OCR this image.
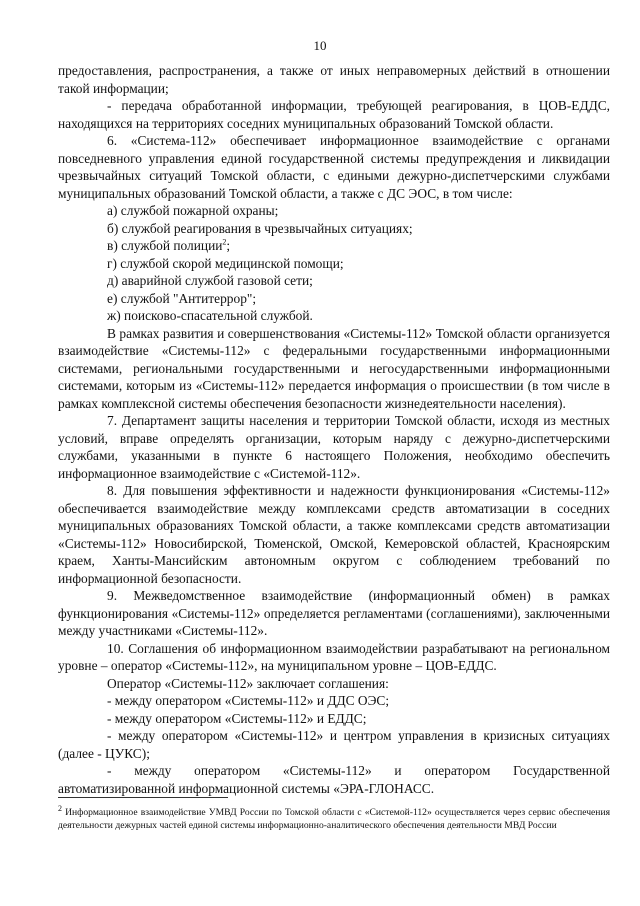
10

предоставления, распространения, а также от иных неправомерных действий в отношении такой информации;

- передача обработанной информации, требующей реагирования, в ЦОВ-ЕДДС, находящихся на территориях соседних муниципальных образований Томской области.

6. «Система-112» обеспечивает информационное взаимодействие с органами повседневного управления единой государственной системы предупреждения и ликвидации чрезвычайных ситуаций Томской области, с едиными дежурно-диспетчерскими службами муниципальных образований Томской области, а также с ДС ЭОС, в том числе:

а) службой пожарной охраны;

б) службой реагирования в чрезвычайных ситуациях;

в) службой полиции$^2$;

г) службой скорой медицинской помощи;

д) аварийной службой газовой сети;

е) службой "Антитеррор";

ж) поисково-спасательной службой.

В рамках развития и совершенствования «Системы-112» Томской области организуется взаимодействие «Системы-112» с федеральными государственными информационными системами, региональными государственными и негосударственными информационными системами, которым из «Системы-112» передается информация о происшествии (в том числе в рамках комплексной системы обеспечения безопасности жизнедеятельности населения).

7. Департамент защиты населения и территории Томской области, исходя из местных условий, вправе определять организации, которым наряду с дежурно-диспетчерскими службами, указанными в пункте 6 настоящего Положения, необходимо обеспечить информационное взаимодействие с «Системой-112».

8. Для повышения эффективности и надежности функционирования «Системы-112» обеспечивается взаимодействие между комплексами средств автоматизации в соседних муниципальных образованиях Томской области, а также комплексами средств автоматизации «Системы-112» Новосибирской, Тюменской, Омской, Кемеровской областей, Красноярским краем, Ханты-Мансийским автономным округом с соблюдением требований по информационной безопасности.

9. Межведомственное взаимодействие (информационный обмен) в рамках функционирования «Системы-112» определяется регламентами (соглашениями), заключенными между участниками «Системы-112».

10. Соглашения об информационном взаимодействии разрабатывают на региональном уровне – оператор «Системы-112», на муниципальном уровне – ЦОВ-ЕДДС.

Оператор «Системы-112» заключает соглашения:

- между оператором «Системы-112» и ДДС ОЭС;

- между оператором «Системы-112» и ЕДДС;

- между оператором «Системы-112» и центром управления в кризисных ситуациях (далее - ЦУКС);

- между оператором «Системы-112» и оператором Государственной автоматизированной информационной системы «ЭРА-ГЛОНАСС.

$^2$ Информационное взаимодействие УМВД России по Томской области с «Системой-112» осуществляется через сервис обеспечения деятельности дежурных частей единой системы информационно-аналитического обеспечения деятельности МВД России
